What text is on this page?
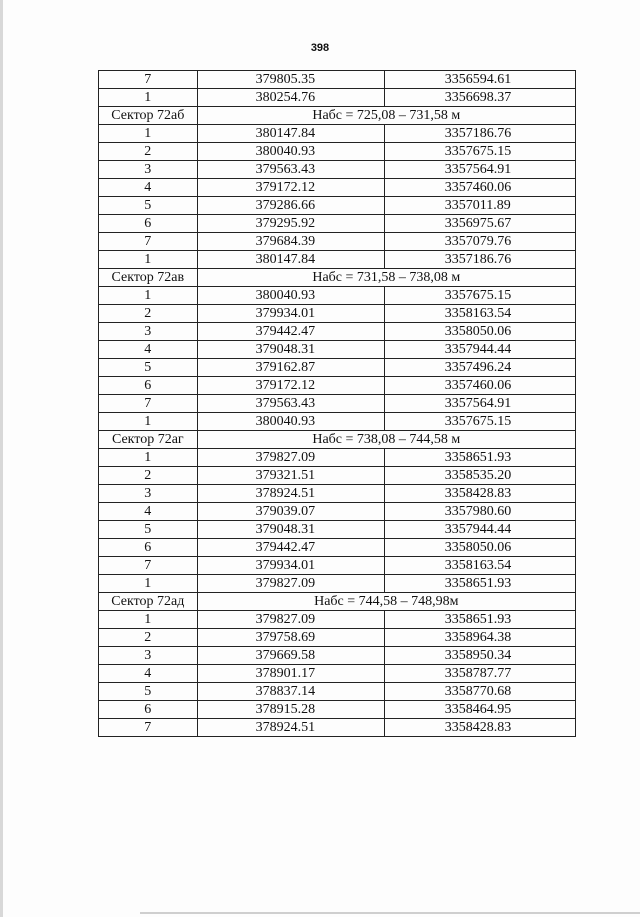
398
7	379805.35	3356594.61
1	380254.76	3356698.37
Сектор 72аб	Набс = 725,08 – 731,58 м	
1	380147.84	3357186.76
2	380040.93	3357675.15
3	379563.43	3357564.91
4	379172.12	3357460.06
5	379286.66	3357011.89
6	379295.92	3356975.67
7	379684.39	3357079.76
1	380147.84	3357186.76
Сектор 72ав	Набс = 731,58 – 738,08 м	
1	380040.93	3357675.15
2	379934.01	3358163.54
3	379442.47	3358050.06
4	379048.31	3357944.44
5	379162.87	3357496.24
6	379172.12	3357460.06
7	379563.43	3357564.91
1	380040.93	3357675.15
Сектор 72аг	Набс = 738,08 – 744,58 м	
1	379827.09	3358651.93
2	379321.51	3358535.20
3	378924.51	3358428.83
4	379039.07	3357980.60
5	379048.31	3357944.44
6	379442.47	3358050.06
7	379934.01	3358163.54
1	379827.09	3358651.93
Сектор 72ад	Набс = 744,58 – 748,98м	
1	379827.09	3358651.93
2	379758.69	3358964.38
3	379669.58	3358950.34
4	378901.17	3358787.77
5	378837.14	3358770.68
6	378915.28	3358464.95
7	378924.51	3358428.83
